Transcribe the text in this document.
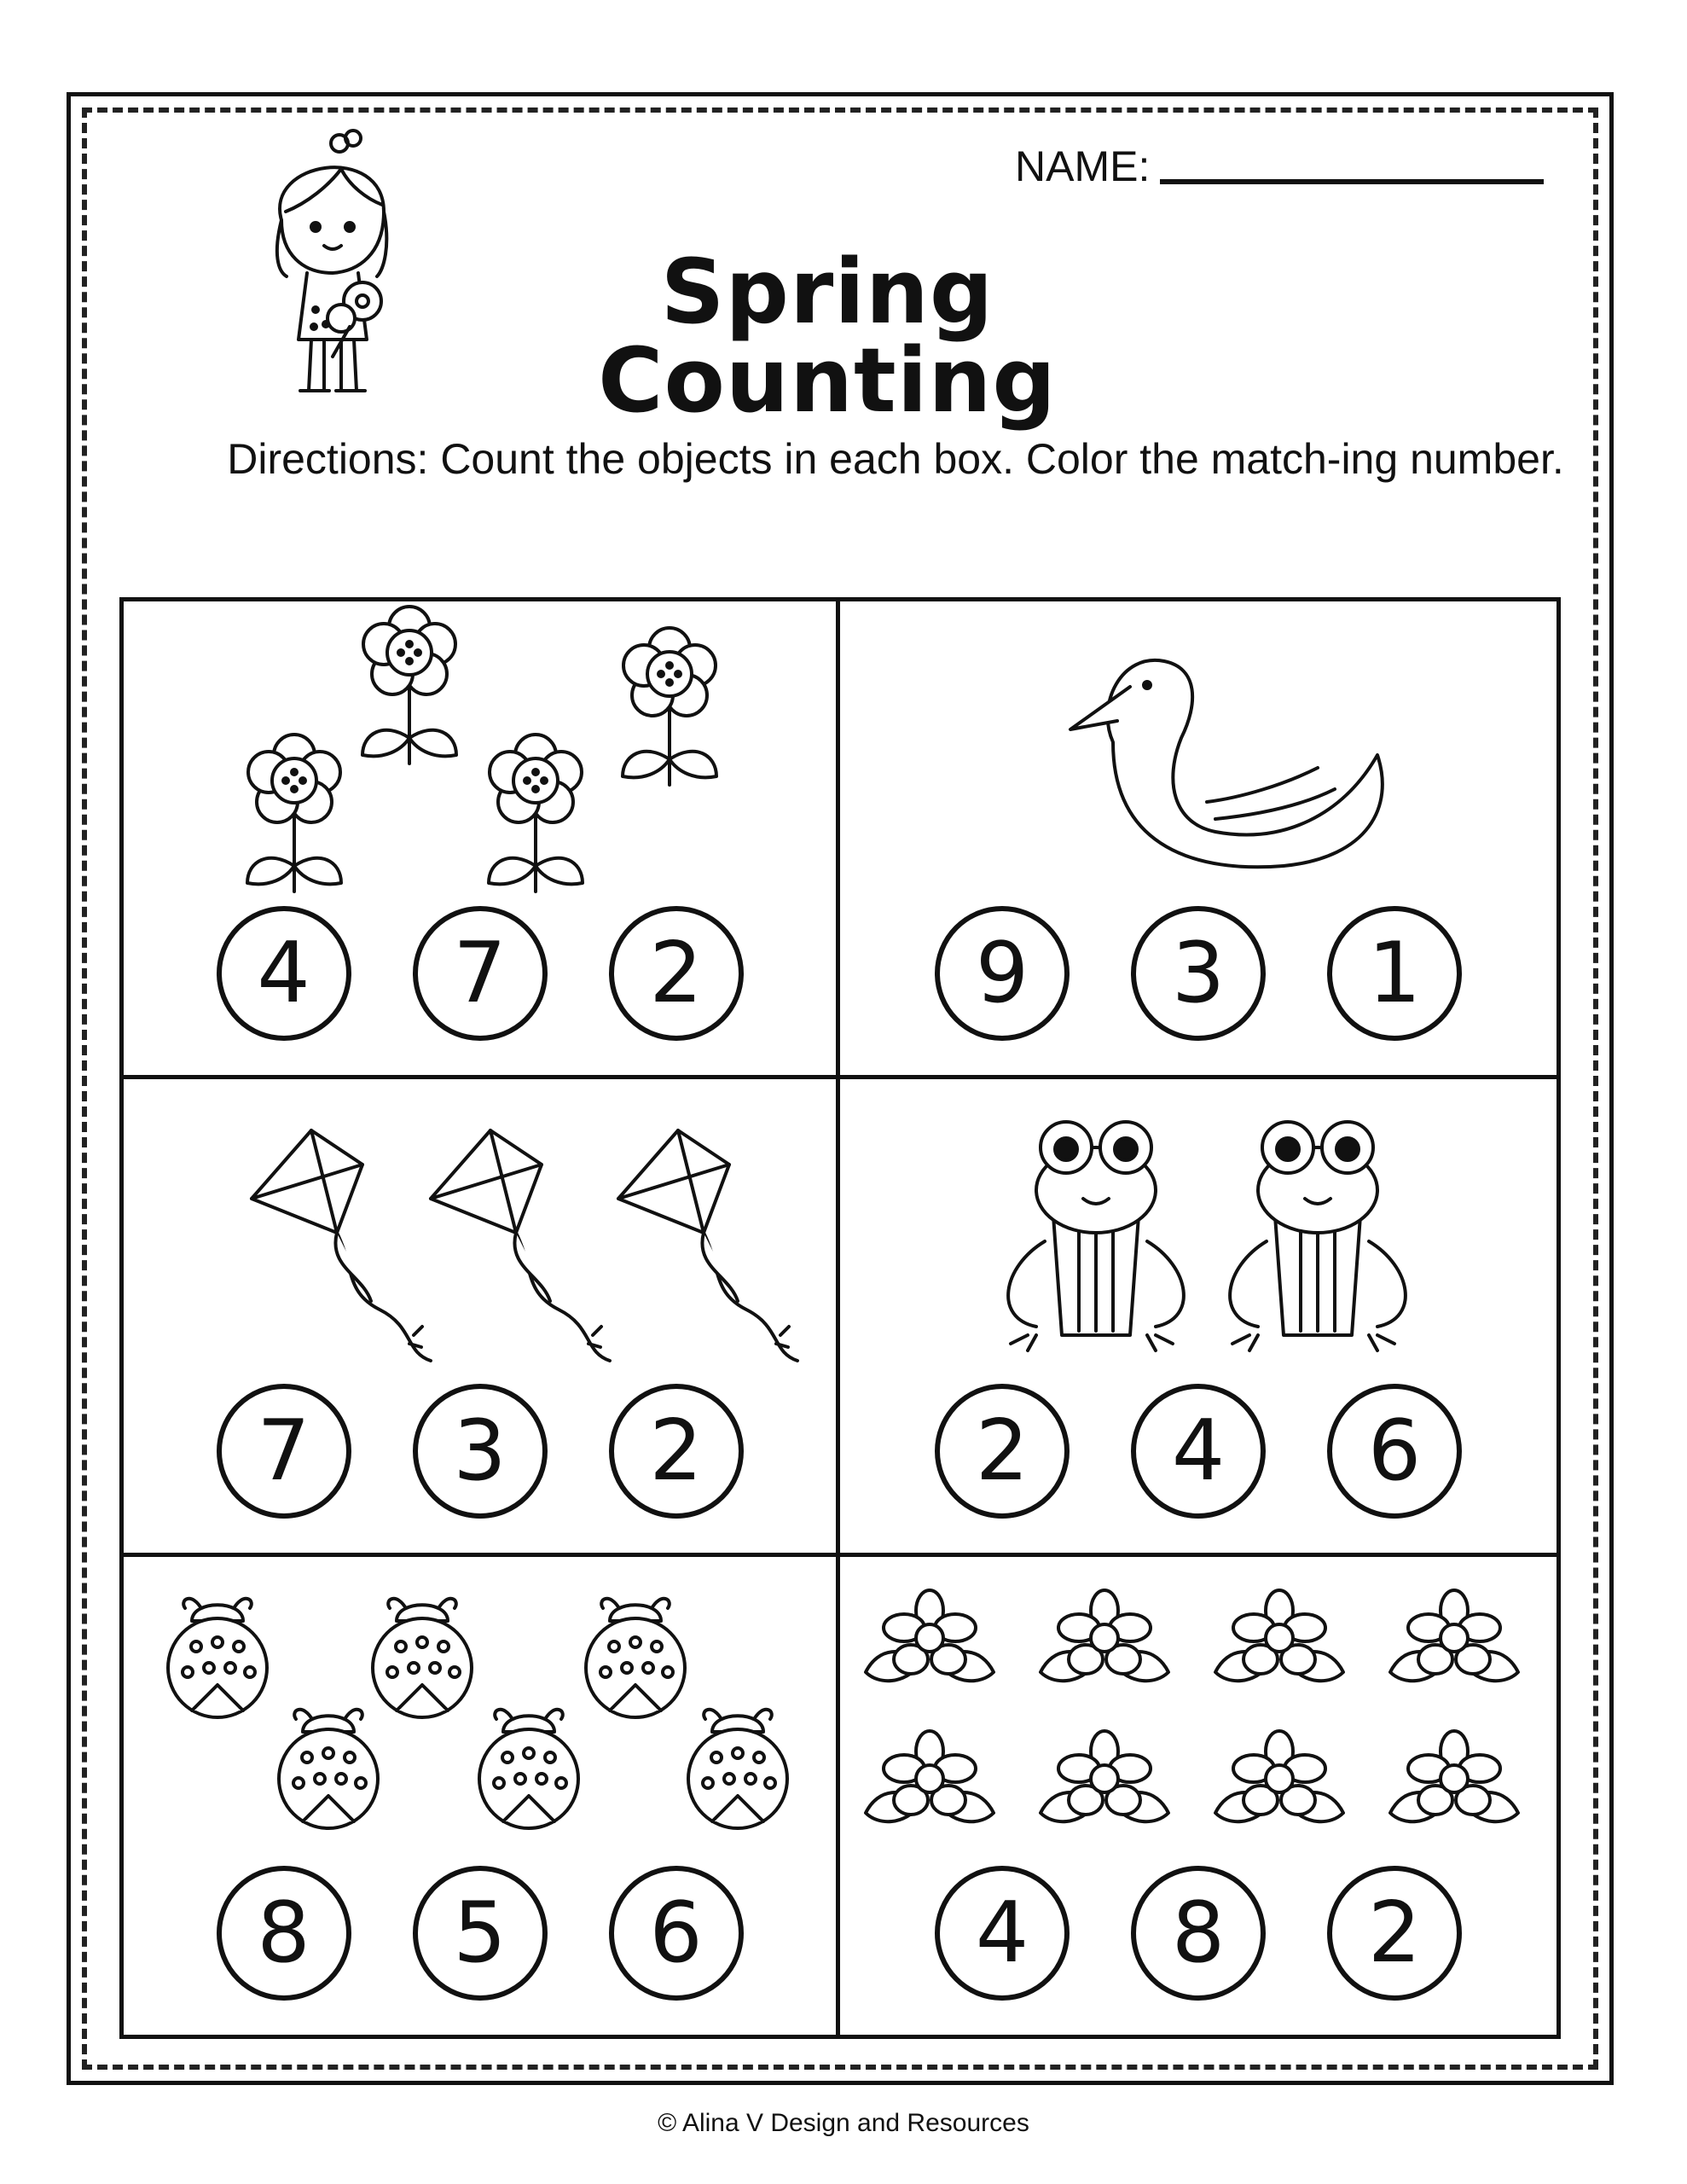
NAME:
Spring Counting
Directions: Count the objects in each box. Color the match-ing number.
4	7	2	9	3	1
7	3	2	2	4	6
8	5	6	4	8	2
© Alina V Design and Resources
